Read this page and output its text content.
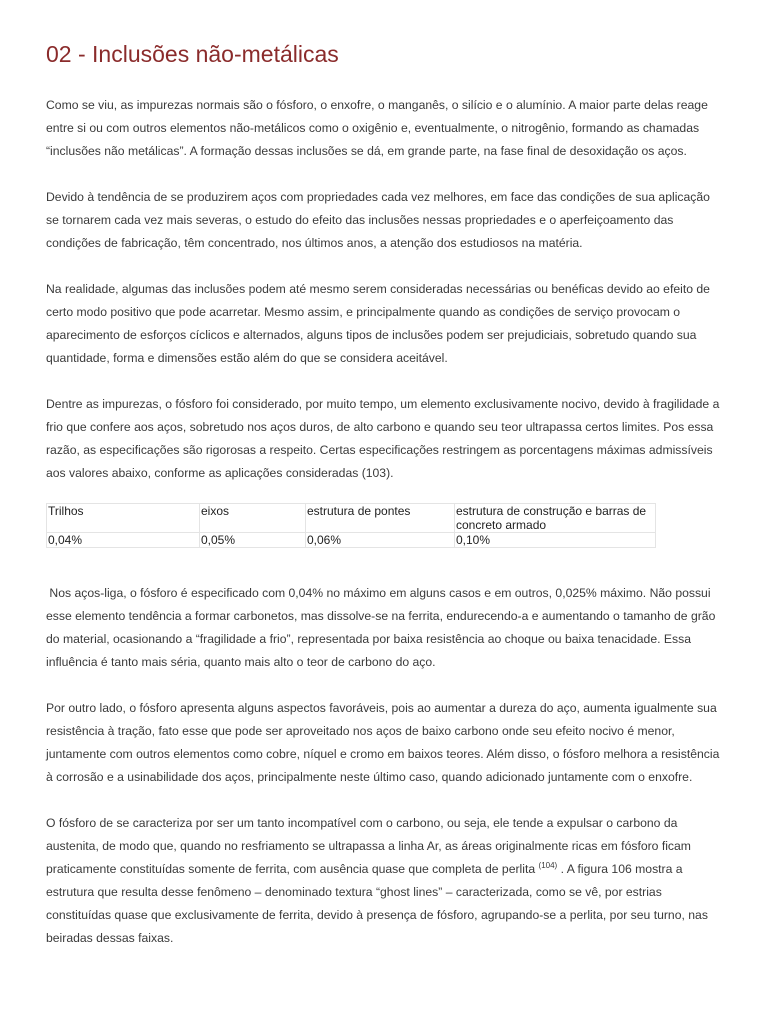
02 - Inclusões não-metálicas

Como se viu, as impurezas normais são o fósforo, o enxofre, o manganês, o silício e o alumínio. A maior parte delas reage entre si ou com outros elementos não-metálicos como o oxigênio e, eventualmente, o nitrogênio, formando as chamadas “inclusões não metálicas”. A formação dessas inclusões se dá, em grande parte, na fase final de desoxidação os aços.

Devido à tendência de se produzirem aços com propriedades cada vez melhores, em face das condições de sua aplicação se tornarem cada vez mais severas, o estudo do efeito das inclusões nessas propriedades e o aperfeiçoamento das condições de fabricação, têm concentrado, nos últimos anos, a atenção dos estudiosos na matéria.

Na realidade, algumas das inclusões podem até mesmo serem consideradas necessárias ou benéficas devido ao efeito de certo modo positivo que pode acarretar. Mesmo assim, e principalmente quando as condições de serviço provocam o aparecimento de esforços cíclicos e alternados, alguns tipos de inclusões podem ser prejudiciais, sobretudo quando sua quantidade, forma e dimensões estão além do que se considera aceitável.

Dentre as impurezas, o fósforo foi considerado, por muito tempo, um elemento exclusivamente nocivo, devido à fragilidade a frio que confere aos aços, sobretudo nos aços duros, de alto carbono e quando seu teor ultrapassa certos limites. Pos essa razão, as especificações são rigorosas a respeito. Certas especificações restringem as porcentagens máximas admissíveis aos valores abaixo, conforme as aplicações consideradas (103).

Trilhos	eixos	estrutura de pontes	estrutura de construção e barras de concreto armado
0,04%	0,05%	0,06%	0,10%

Nos aços-liga, o fósforo é especificado com 0,04% no máximo em alguns casos e em outros, 0,025% máximo. Não possui esse elemento tendência a formar carbonetos, mas dissolve-se na ferrita, endurecendo-a e aumentando o tamanho de grão do material, ocasionando a “fragilidade a frio”, representada por baixa resistência ao choque ou baixa tenacidade. Essa influência é tanto mais séria, quanto mais alto o teor de carbono do aço.

Por outro lado, o fósforo apresenta alguns aspectos favoráveis, pois ao aumentar a dureza do aço, aumenta igualmente sua resistência à tração, fato esse que pode ser aproveitado nos aços de baixo carbono onde seu efeito nocivo é menor, juntamente com outros elementos como cobre, níquel e cromo em baixos teores. Além disso, o fósforo melhora a resistência à corrosão e a usinabilidade dos aços, principalmente neste último caso, quando adicionado juntamente com o enxofre.

O fósforo de se caracteriza por ser um tanto incompatível com o carbono, ou seja, ele tende a expulsar o carbono da austenita, de modo que, quando no resfriamento se ultrapassa a linha Ar, as áreas originalmente ricas em fósforo ficam praticamente constituídas somente de ferrita, com ausência quase que completa de perlita $^{(104)}$ . A figura 106 mostra a estrutura que resulta desse fenômeno – denominado textura “ghost lines” – caracterizada, como se vê, por estrias constituídas quase que exclusivamente de ferrita, devido à presença de fósforo, agrupando-se a perlita, por seu turno, nas beiradas dessas faixas.
